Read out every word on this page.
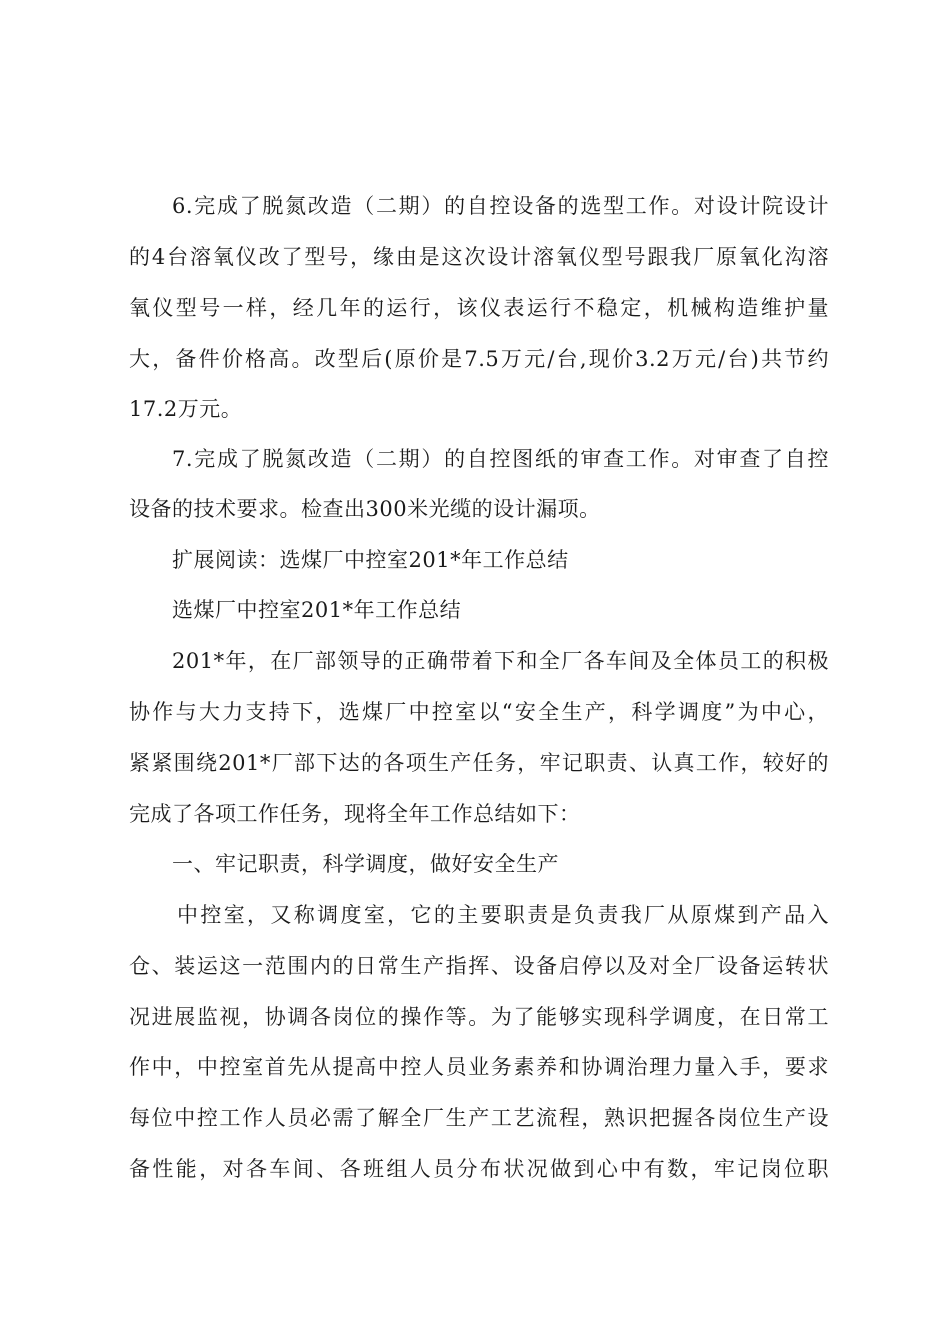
6.完成了脱氮改造（二期）的自控设备的选型工作。对设计院设计
的4台溶氧仪改了型号，缘由是这次设计溶氧仪型号跟我厂原氧化沟溶
氧仪型号一样，经几年的运行，该仪表运行不稳定，机械构造维护量
大，备件价格高。改型后(原价是7.5万元/台,现价3.2万元/台)共节约
17.2万元。
7.完成了脱氮改造（二期）的自控图纸的审查工作。对审查了自控
设备的技术要求。检查出300米光缆的设计漏项。
扩展阅读：选煤厂中控室201*年工作总结
选煤厂中控室201*年工作总结
201*年，在厂部领导的正确带着下和全厂各车间及全体员工的积极
协作与大力支持下，选煤厂中控室以“安全生产，科学调度”为中心，
紧紧围绕201*厂部下达的各项生产任务，牢记职责、认真工作，较好的
完成了各项工作任务，现将全年工作总结如下：
一、牢记职责，科学调度，做好安全生产
中控室，又称调度室，它的主要职责是负责我厂从原煤到产品入
仓、装运这一范围内的日常生产指挥、设备启停以及对全厂设备运转状
况进展监视，协调各岗位的操作等。为了能够实现科学调度，在日常工
作中，中控室首先从提高中控人员业务素养和协调治理力量入手，要求
每位中控工作人员必需了解全厂生产工艺流程，熟识把握各岗位生产设
备性能，对各车间、各班组人员分布状况做到心中有数，牢记岗位职
